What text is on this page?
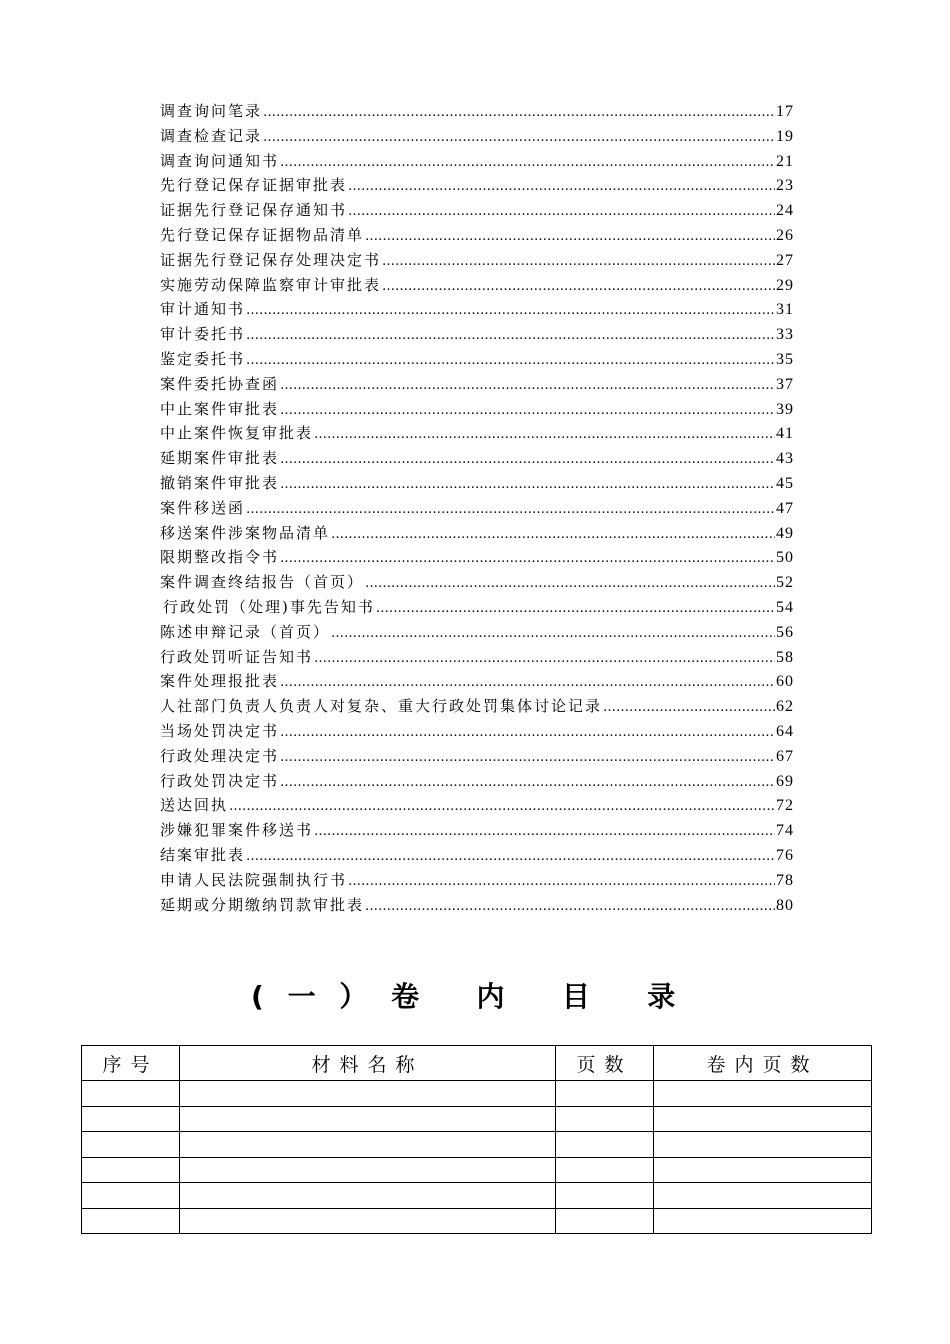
调查询问笔录 …………………………………………………………………………………………………………………………………………………………………………………………………………………………	17
调查检查记录 …………………………………………………………………………………………………………………………………………………………………………………………………………………………	19
调查询问通知书 …………………………………………………………………………………………………………………………………………………………………………………………………………………………	21
先行登记保存证据审批表 …………………………………………………………………………………………………………………………………………………………………………………………………………………………	23
证据先行登记保存通知书 …………………………………………………………………………………………………………………………………………………………………………………………………………………………	24
先行登记保存证据物品清单 …………………………………………………………………………………………………………………………………………………………………………………………………………………………	26
证据先行登记保存处理决定书 …………………………………………………………………………………………………………………………………………………………………………………………………………………………	27
实施劳动保障监察审计审批表 …………………………………………………………………………………………………………………………………………………………………………………………………………………………	29
审计通知书 …………………………………………………………………………………………………………………………………………………………………………………………………………………………	31
审计委托书 …………………………………………………………………………………………………………………………………………………………………………………………………………………………	33
鉴定委托书 …………………………………………………………………………………………………………………………………………………………………………………………………………………………	35
案件委托协查函 …………………………………………………………………………………………………………………………………………………………………………………………………………………………	37
中止案件审批表 …………………………………………………………………………………………………………………………………………………………………………………………………………………………	39
中止案件恢复审批表 …………………………………………………………………………………………………………………………………………………………………………………………………………………………	41
延期案件审批表 …………………………………………………………………………………………………………………………………………………………………………………………………………………………	43
撤销案件审批表 …………………………………………………………………………………………………………………………………………………………………………………………………………………………	45
案件移送函 …………………………………………………………………………………………………………………………………………………………………………………………………………………………	47
移送案件涉案物品清单 …………………………………………………………………………………………………………………………………………………………………………………………………………………………	49
限期整改指令书 …………………………………………………………………………………………………………………………………………………………………………………………………………………………	50
案件调查终结报告（首页） …………………………………………………………………………………………………………………………………………………………………………………………………………………………	52
行政处罚（处理)事先告知书 …………………………………………………………………………………………………………………………………………………………………………………………………………………………	54
陈述申辩记录（首页） …………………………………………………………………………………………………………………………………………………………………………………………………………………………	56
行政处罚听证告知书 …………………………………………………………………………………………………………………………………………………………………………………………………………………………	58
案件处理报批表 …………………………………………………………………………………………………………………………………………………………………………………………………………………………	60
人社部门负责人负责人对复杂、重大行政处罚集体讨论记录 …………………………………………………………………………………………………………………………………………………………………………………………………………………………	62
当场处罚决定书 …………………………………………………………………………………………………………………………………………………………………………………………………………………………	64
行政处理决定书 …………………………………………………………………………………………………………………………………………………………………………………………………………………………	67
行政处罚决定书 …………………………………………………………………………………………………………………………………………………………………………………………………………………………	69
送达回执 …………………………………………………………………………………………………………………………………………………………………………………………………………………………	72
涉嫌犯罪案件移送书 …………………………………………………………………………………………………………………………………………………………………………………………………………………………	74
结案审批表 …………………………………………………………………………………………………………………………………………………………………………………………………………………………	76
申请人民法院强制执行书 …………………………………………………………………………………………………………………………………………………………………………………………………………………………	78
延期或分期缴纳罚款审批表 …………………………………………………………………………………………………………………………………………………………………………………………………………………………	80
(一）卷 内 目 录
序号	材料名称	页数	卷内页数
